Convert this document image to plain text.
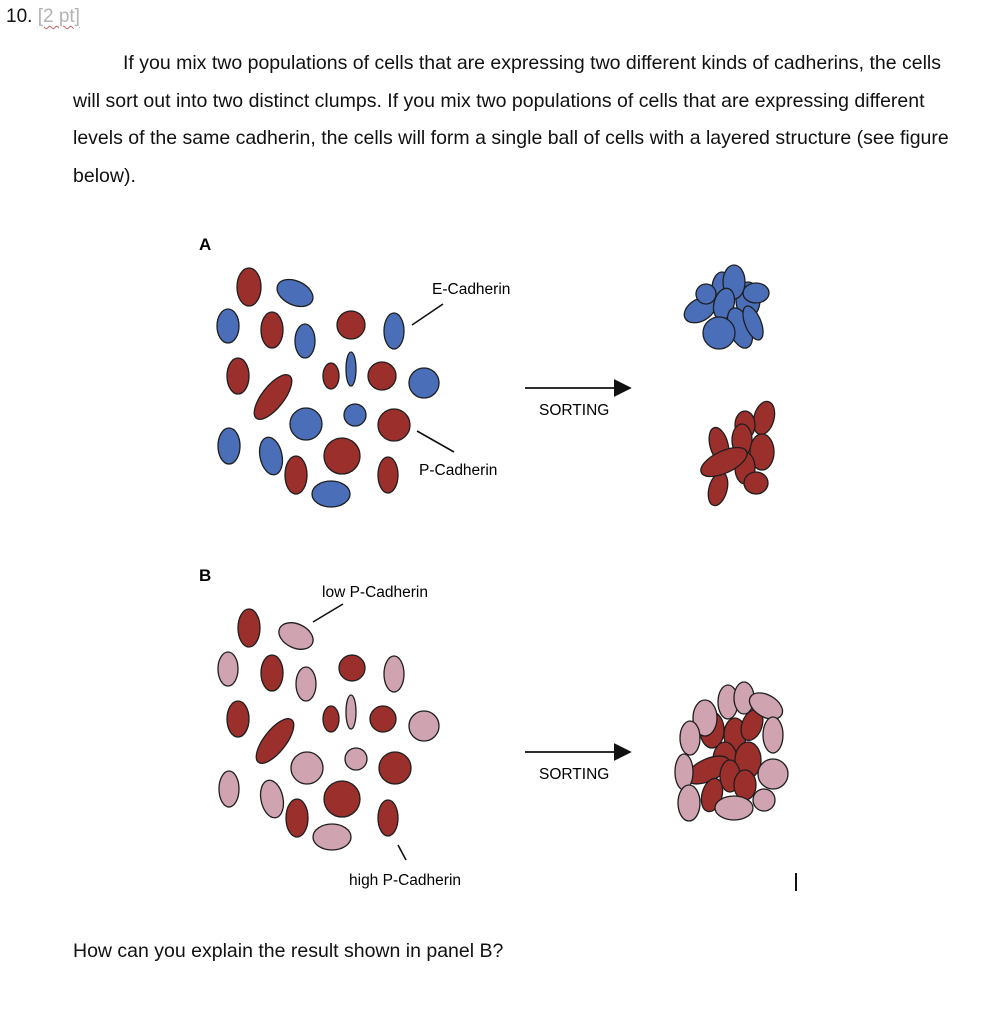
10. [2 pt]

If you mix two populations of cells that are expressing two different kinds of cadherins, the cells will sort out into two distinct clumps. If you mix two populations of cells that are expressing different levels of the same cadherin, the cells will form a single ball of cells with a layered structure (see figure below).

A
E-Cadherin
P-Cadherin
SORTING
B
low P-Cadherin
high P-Cadherin
SORTING
How can you explain the result shown in panel B?
